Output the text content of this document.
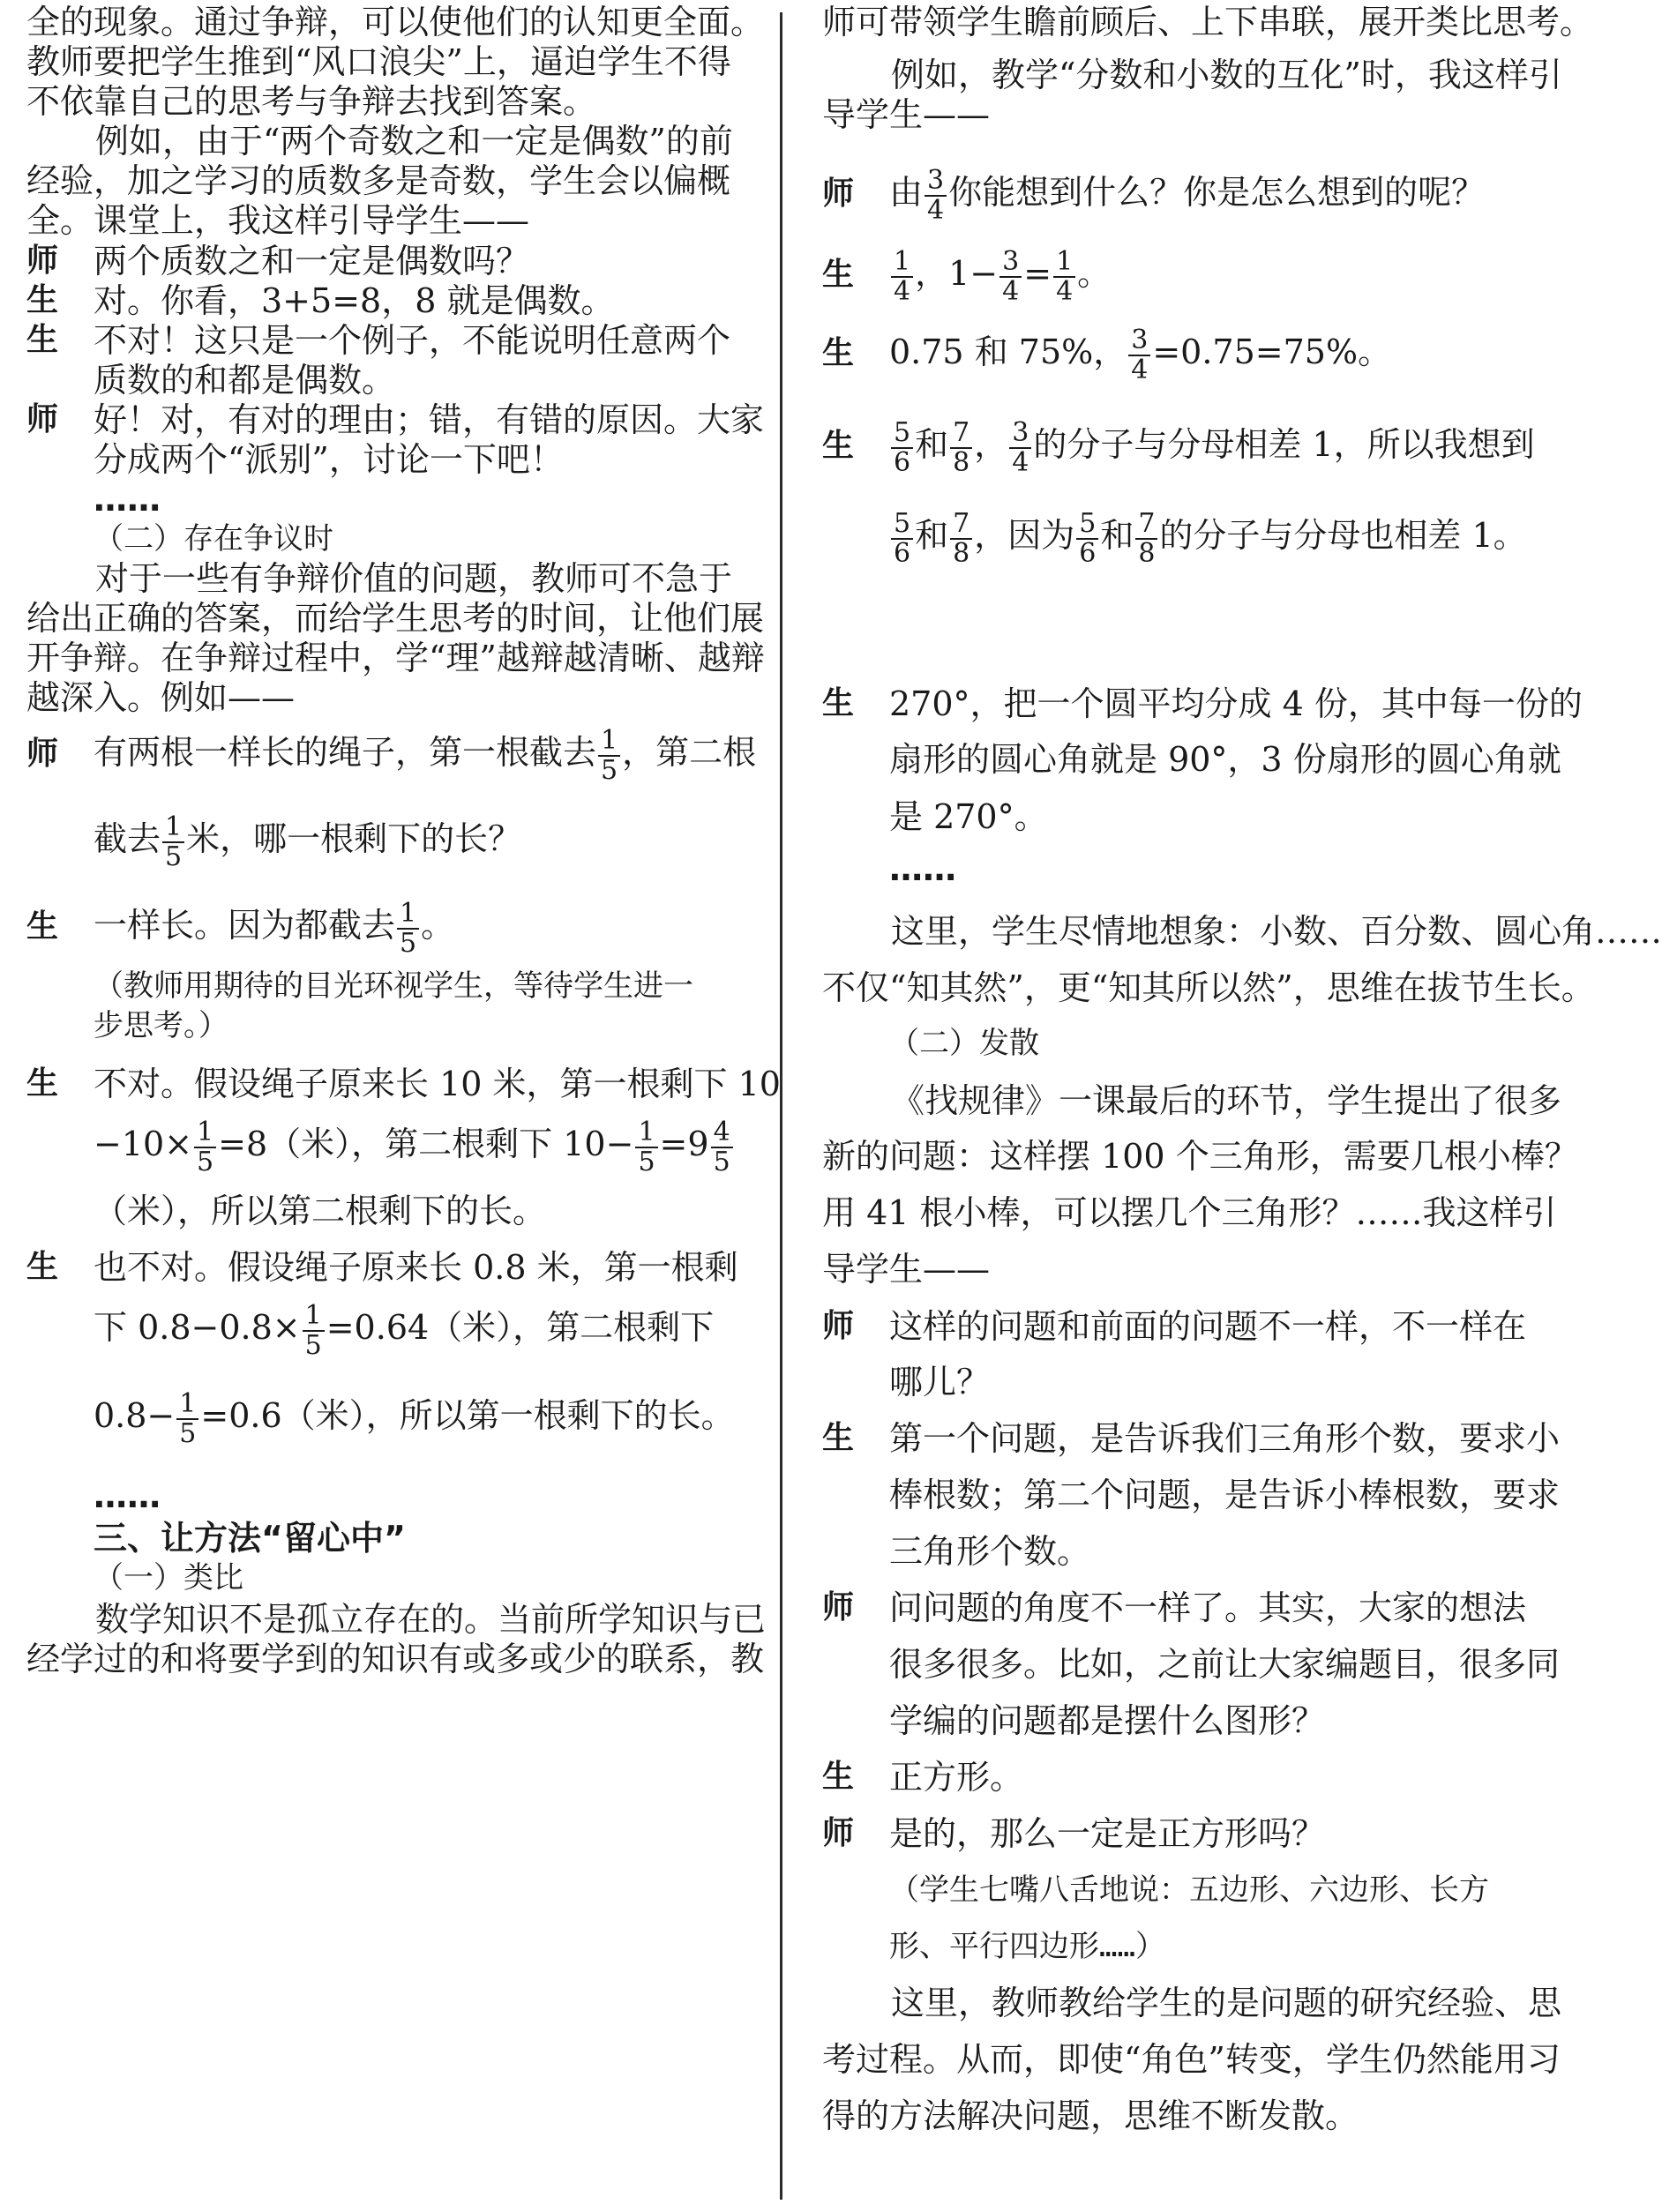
全的现象。通过争辩，可以使他们的认知更全面。
教师要把学生推到“风口浪尖”上，逼迫学生不得
不依靠自己的思考与争辩去找到答案。
例如，由于“两个奇数之和一定是偶数”的前
经验，加之学习的质数多是奇数，学生会以偏概
全。课堂上，我这样引导学生——
师 两个质数之和一定是偶数吗？
生 对。你看，3+5=8，8 就是偶数。
生 不对！这只是一个例子，不能说明任意两个
质数的和都是偶数。
师 好！对，有对的理由；错，有错的原因。大家
分成两个“派别”，讨论一下吧！
……
（二）存在争议时
对于一些有争辩价值的问题，教师可不急于
给出正确的答案，而给学生思考的时间，让他们展
开争辩。在争辩过程中，学“理”越辩越清晰、越辩
越深入。例如——
师 有两根一样长的绳子，第一根截去 $\frac{1}{5}$ ，第二根
截去 $\frac{1}{5}$ 米，哪一根剩下的长？
生 一样长。因为都截去 $\frac{1}{5}$ 。
（教师用期待的目光环视学生，等待学生进一
步思考。）
生 不对。假设绳子原来长 10 米，第一根剩下 10
$-10\times \frac{1}{5} =8$（米），第二根剩下 $10- \frac{1}{5} =9 \frac{4}{5}$
（米），所以第二根剩下的长。
生 也不对。假设绳子原来长 0.8 米，第一根剩
下 $0.8-0.8\times \frac{1}{5} =0.64$（米），第二根剩下
$0.8- \frac{1}{5} =0.6$（米），所以第一根剩下的长。
……
三、让方法“留心中”
（一）类比
数学知识不是孤立存在的。当前所学知识与已
经学过的和将要学到的知识有或多或少的联系，教
师可带领学生瞻前顾后、上下串联，展开类比思考。
例如，教学“分数和小数的互化”时，我这样引
导学生——
师 由 $\frac{3}{4}$ 你能想到什么？你是怎么想到的呢？
生 $\frac{1}{4}$ ，$1- \frac{3}{4} = \frac{1}{4}$ 。
生 0.75 和 75%， $\frac{3}{4} =0.75=75\%$。
生 $\frac{5}{6}$ 和 $\frac{7}{8}$ ， $\frac{3}{4}$ 的分子与分母相差 1，所以我想到
$\frac{5}{6}$ 和 $\frac{7}{8}$ ，因为 $\frac{5}{6}$ 和 $\frac{7}{8}$ 的分子与分母也相差 1。
生 270°，把一个圆平均分成 4 份，其中每一份的
扇形的圆心角就是 90°，3 份扇形的圆心角就
是 270°。
……
这里，学生尽情地想象：小数、百分数、圆心角……
不仅“知其然”，更“知其所以然”，思维在拔节生长。
（二）发散
《找规律》一课最后的环节，学生提出了很多
新的问题：这样摆 100 个三角形，需要几根小棒？
用 41 根小棒，可以摆几个三角形？……我这样引
导学生——
师 这样的问题和前面的问题不一样，不一样在
哪儿？
生 第一个问题，是告诉我们三角形个数，要求小
棒根数；第二个问题，是告诉小棒根数，要求
三角形个数。
师 问问题的角度不一样了。其实，大家的想法
很多很多。比如，之前让大家编题目，很多同
学编的问题都是摆什么图形？
生 正方形。
师 是的，那么一定是正方形吗？
（学生七嘴八舌地说：五边形、六边形、长方
形、平行四边形……）
这里，教师教给学生的是问题的研究经验、思
考过程。从而，即使“角色”转变，学生仍然能用习
得的方法解决问题，思维不断发散。
